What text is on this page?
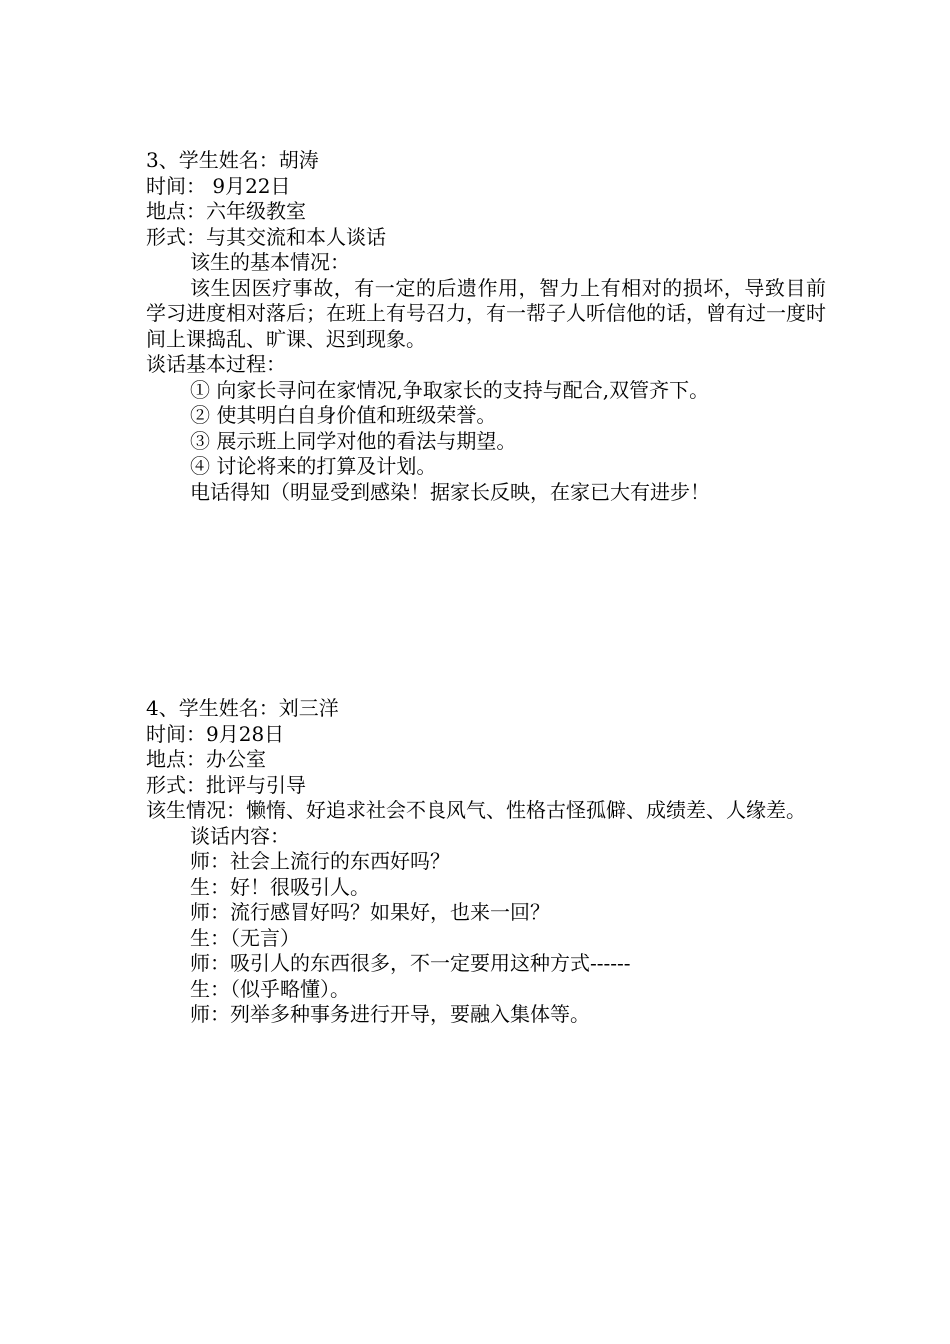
3、学生姓名：胡涛

时间： 9月22日

地点：六年级教室

形式：与其交流和本人谈话

该生的基本情况：

该生因医疗事故，有一定的后遗作用，智力上有相对的损坏，导致目前学习进度相对落后；在班上有号召力，有一帮子人听信他的话，曾有过一度时间上课捣乱、旷课、迟到现象。

谈话基本过程：

① 向家长寻问在家情况,争取家长的支持与配合,双管齐下。

② 使其明白自身价值和班级荣誉。

③ 展示班上同学对他的看法与期望。

④ 讨论将来的打算及计划。

电话得知（明显受到感染！据家长反映，在家已大有进步！

4、学生姓名：刘三洋

时间：9月28日

地点：办公室

形式：批评与引导

该生情况：懒惰、好追求社会不良风气、性格古怪孤僻、成绩差、人缘差。

谈话内容：

师：社会上流行的东西好吗？

生：好！很吸引人。

师：流行感冒好吗？如果好，也来一回？

生：（无言）

师：吸引人的东西很多，不一定要用这种方式------

生：（似乎略懂）。

师：列举多种事务进行开导，要融入集体等。
